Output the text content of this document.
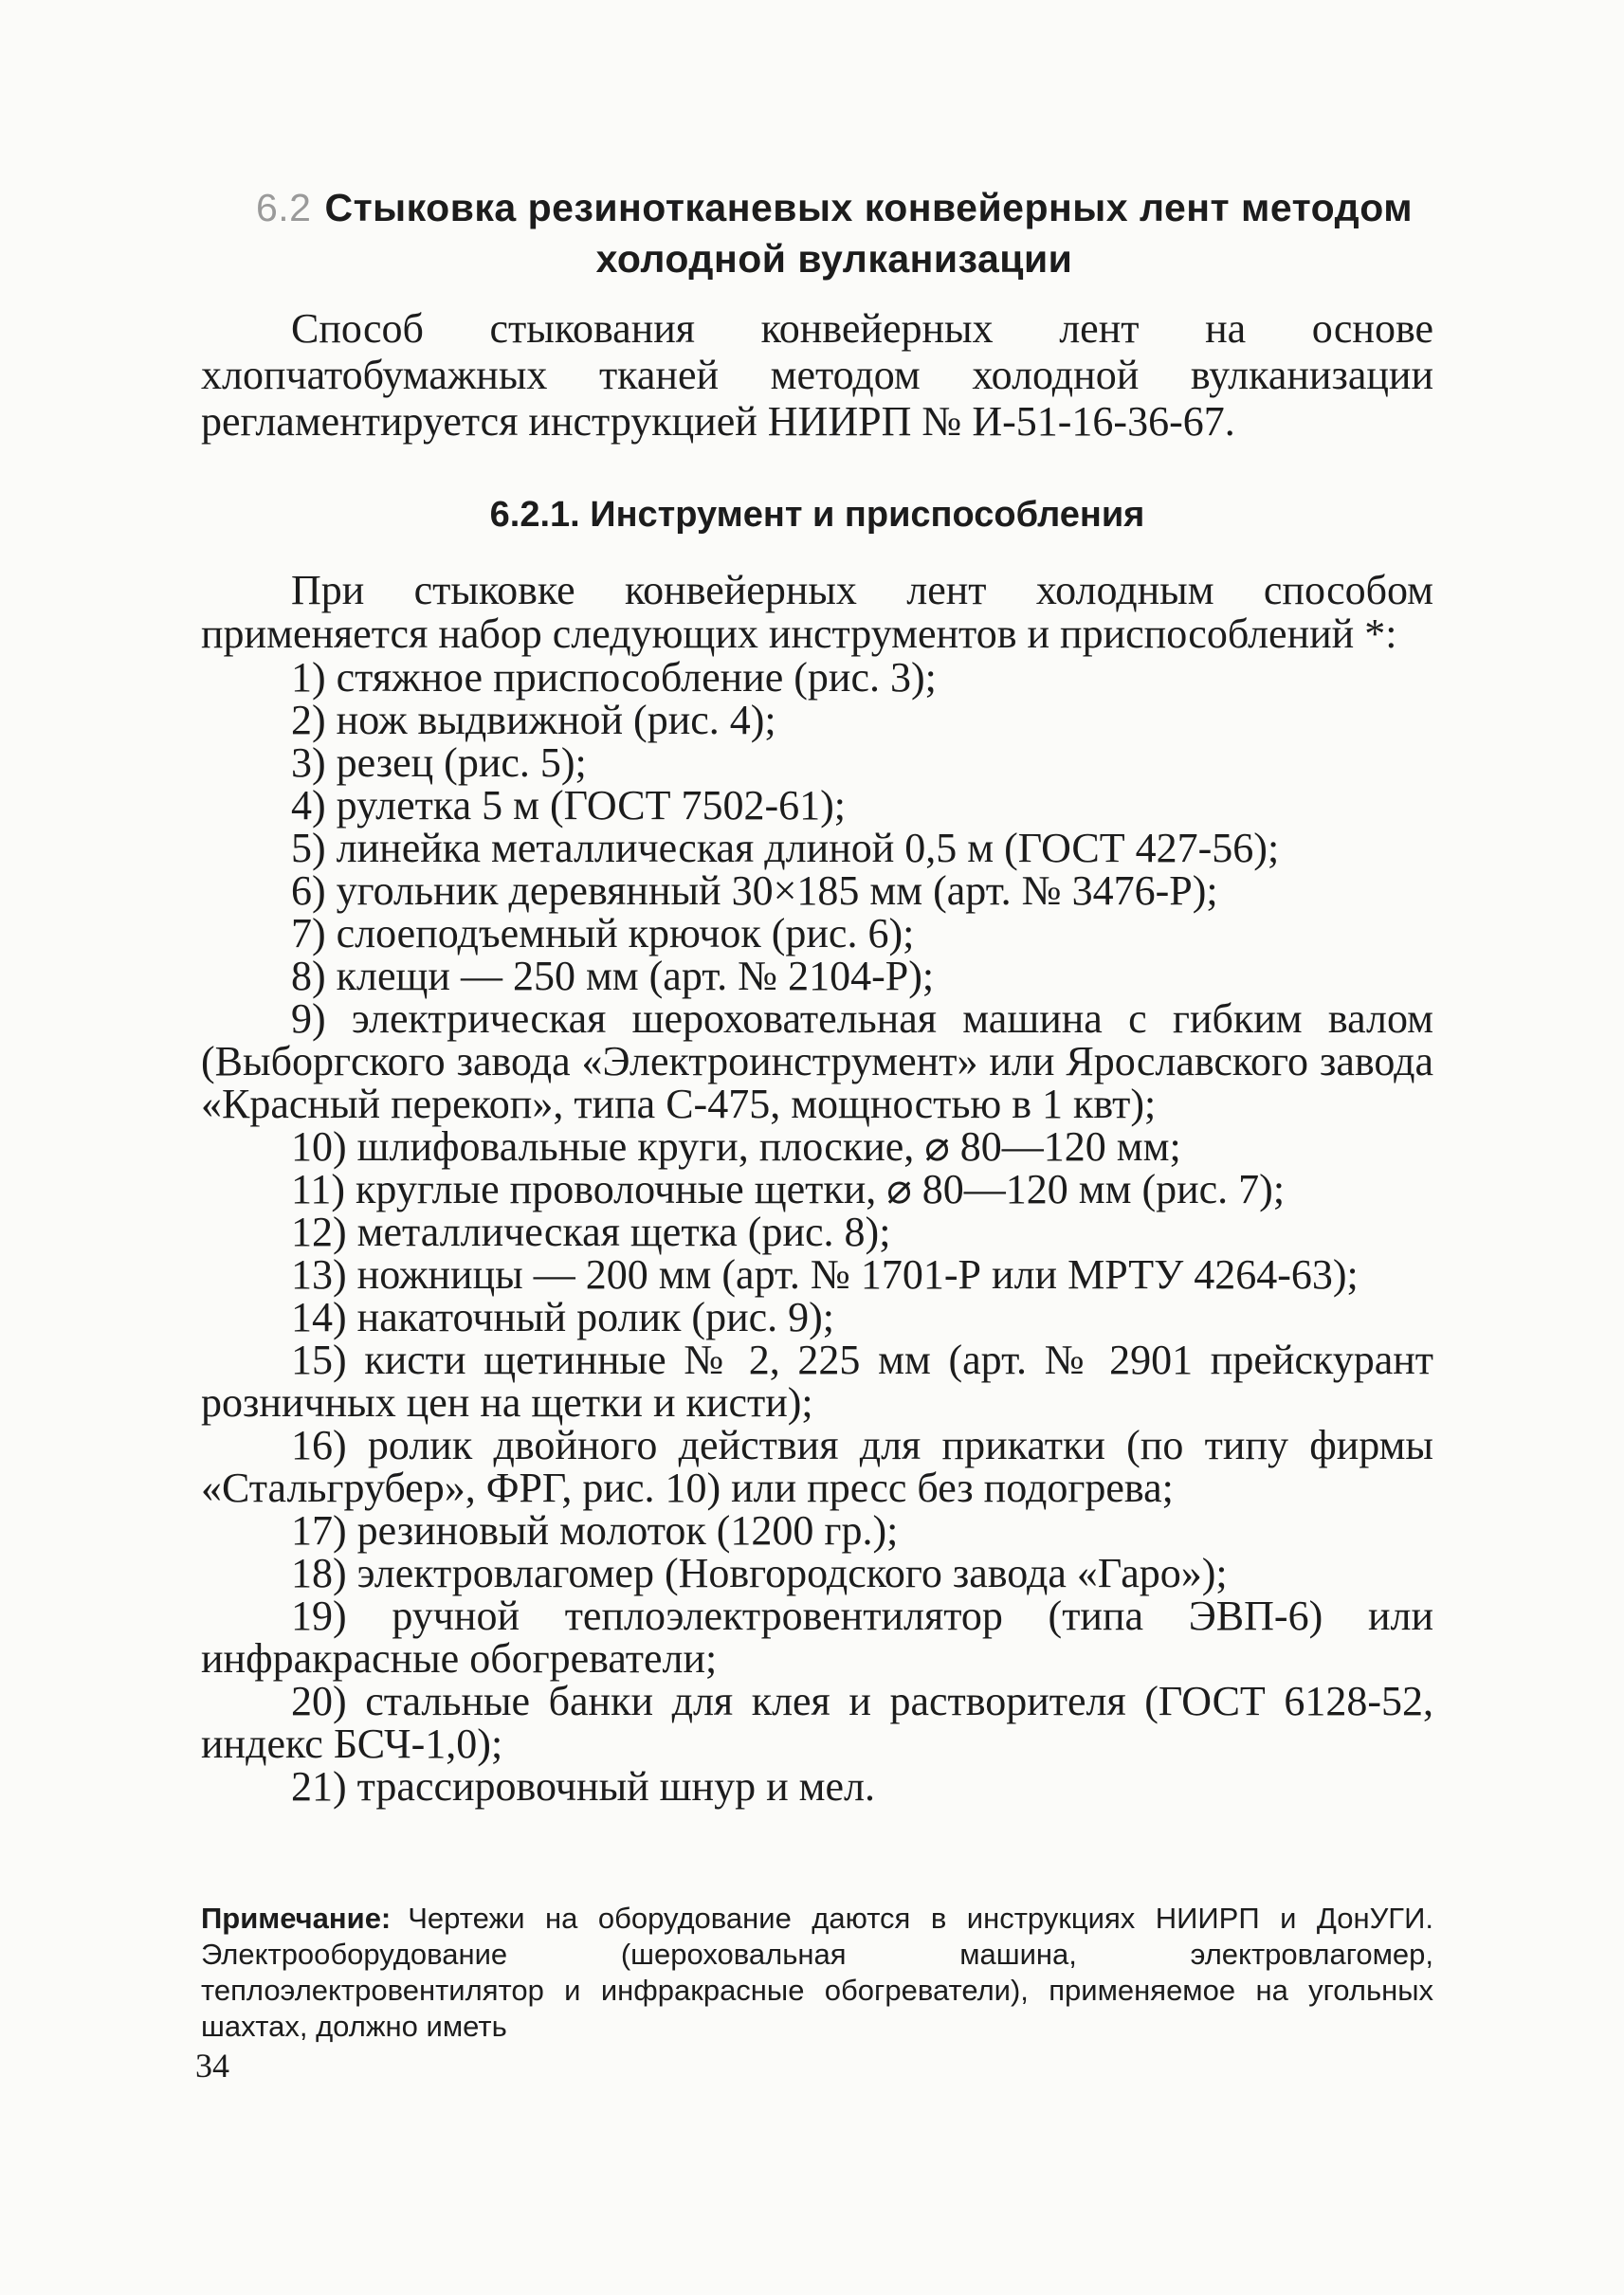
6.2 Стыковка резинотканевых конвейерных лент методом
холодной вулканизации

Способ стыкования конвейерных лент на основе хлопчатобумажных тканей методом холодной вулканизации регламентируется инструкцией НИИРП № И-51-16-36-67.

6.2.1. Инструмент и приспособления

При стыковке конвейерных лент холодным способом применяется набор следующих инструментов и приспособлений *:

1) стяжное приспособление (рис. 3);
2) нож выдвижной (рис. 4);
3) резец (рис. 5);
4) рулетка 5 м (ГОСТ 7502-61);
5) линейка металлическая длиной 0,5 м (ГОСТ 427-56);
6) угольник деревянный 30×185 мм (арт. № 3476-Р);
7) слоеподъемный крючок (рис. 6);
8) клещи — 250 мм (арт. № 2104-Р);
9) электрическая шероховательная машина с гибким валом (Выборгского завода «Электроинструмент» или Ярославского завода «Красный перекоп», типа С-475, мощностью в 1 квт);
10) шлифовальные круги, плоские, ⌀ 80—120 мм;
11) круглые проволочные щетки, ⌀ 80—120 мм (рис. 7);
12) металлическая щетка (рис. 8);
13) ножницы — 200 мм (арт. № 1701-Р или МРТУ 4264-63);
14) накаточный ролик (рис. 9);
15) кисти щетинные № 2, 225 мм (арт. № 2901 прейскурант розничных цен на щетки и кисти);
16) ролик двойного действия для прикатки (по типу фирмы «Стальгрубер», ФРГ, рис. 10) или пресс без подогрева;
17) резиновый молоток (1200 гр.);
18) электровлагомер (Новгородского завода «Гаро»);
19) ручной теплоэлектровентилятор (типа ЭВП-6) или инфракрасные обогреватели;
20) стальные банки для клея и растворителя (ГОСТ 6128-52, индекс БСЧ-1,0);
21) трассировочный шнур и мел.
Примечание: Чертежи на оборудование даются в инструкциях НИИРП и ДонУГИ. Электрооборудование (шероховальная машина, электровлагомер, теплоэлектровентилятор и инфракрасные обогреватели), применяемое на угольных шахтах, должно иметь
34
